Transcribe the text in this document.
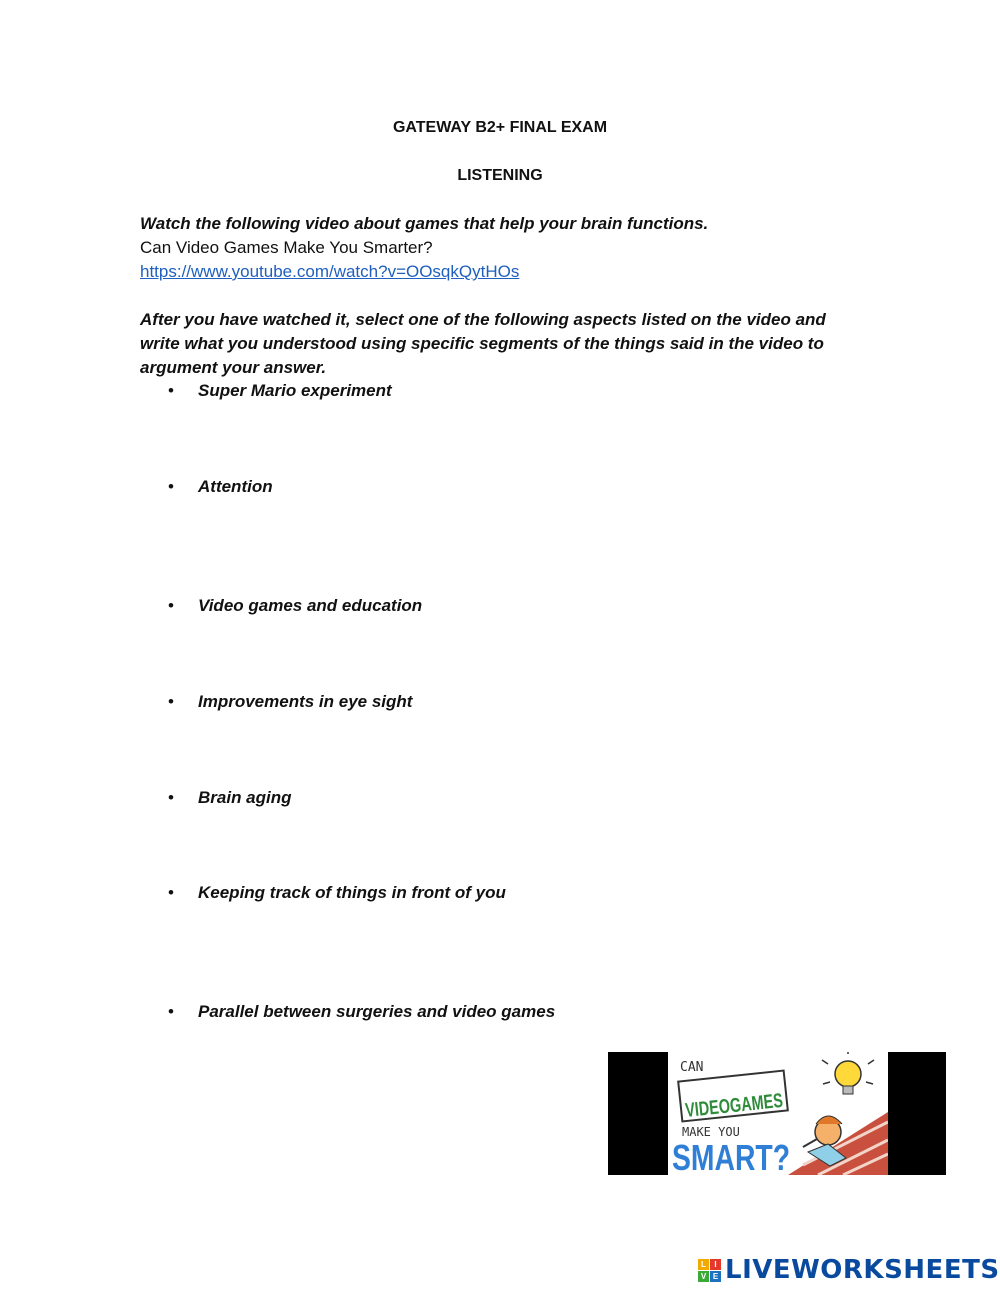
GATEWAY B2+ FINAL EXAM
LISTENING
Watch the following video about games that help your brain functions.
Can Video Games Make You Smarter?
https://www.youtube.com/watch?v=OOsqkQytHOs
After you have watched it, select one of the following aspects listed on the video and write what you understood using specific segments of the things said in the video to argument your answer.
•	Super Mario experiment
•	Attention
•	Video games and education
•	Improvements in eye sight
•	Brain aging
•	Keeping track of things in front of you
•	Parallel between surgeries and video games
CAN
VIDEOGAMES
MAKE YOU
SMART?
L	I
V E LIVEWORKSHEETS
